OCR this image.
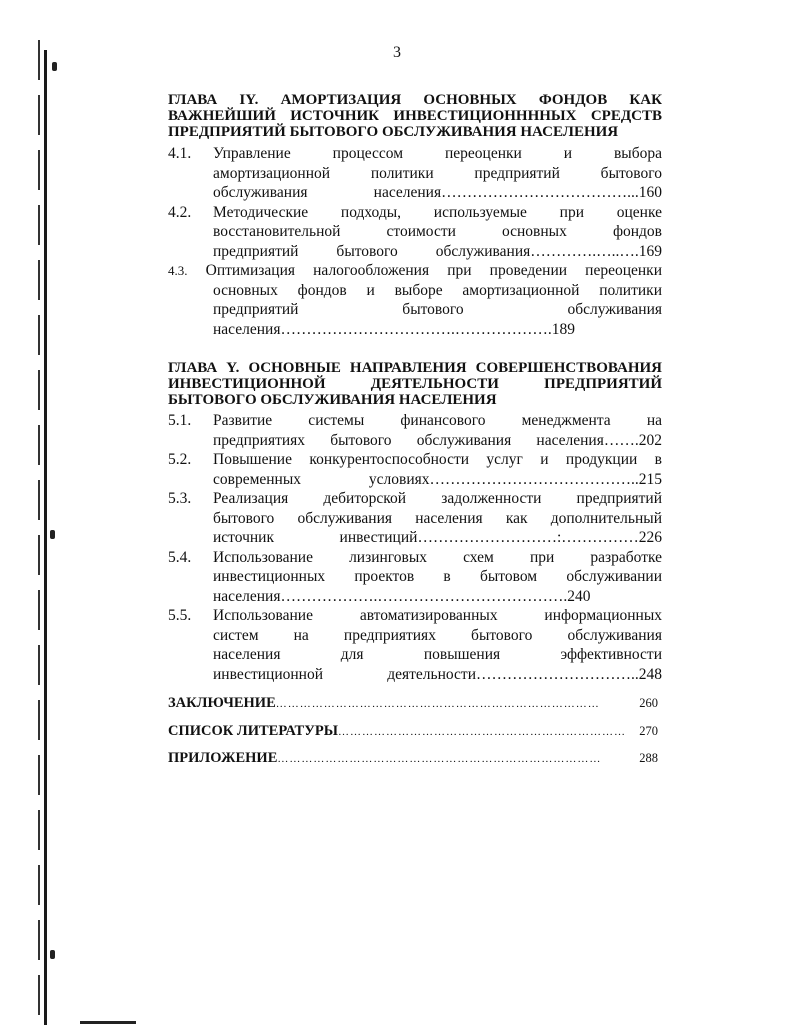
3
ГЛАВА IY. АМОРТИЗАЦИЯ ОСНОВНЫХ ФОНДОВ КАК
ВАЖНЕЙШИЙ ИСТОЧНИК ИНВЕСТИЦИОННННЫХ СРЕДСТВ
ПРЕДПРИЯТИЙ БЫТОВОГО ОБСЛУЖИВАНИЯ НАСЕЛЕНИЯ
4.1. Управление процессом переоценки и выбора
амортизационной политики предприятий бытового
обслуживания населения………………………………...160
4.2. Методические подходы, используемые при оценке
восстановительной стоимости основных фондов
предприятий бытового обслуживания………….…..….169
4.3. Оптимизация налогообложения при проведении переоценки
основных фондов и выборе амортизационной политики
предприятий бытового обслуживания
населения…………………………….……………….189
ГЛАВА Y. ОСНОВНЫЕ НАПРАВЛЕНИЯ СОВЕРШЕНСТВОВАНИЯ
ИНВЕСТИЦИОННОЙ ДЕЯТЕЛЬНОСТИ ПРЕДПРИЯТИЙ
БЫТОВОГО ОБСЛУЖИВАНИЯ НАСЕЛЕНИЯ
5.1. Развитие системы финансового менеджмента на
предприятиях бытового обслуживания населения…….202
5.2. Повышение конкурентоспособности услуг и продукции в
современных условиях…………………………………..215
5.3. Реализация дебиторской задолженности предприятий
бытового обслуживания населения как дополнительный
источник инвестиций………………………:……………226
5.4. Использование лизинговых схем при разработке
инвестиционных проектов в бытовом обслуживании
населения……………….……………………………….240
5.5. Использование автоматизированных информационных
систем на предприятиях бытового обслуживания
населения для повышения эффективности
инвестиционной деятельности…………………………..248
ЗАКЛЮЧЕНИЕ ………………………………………………………………………	260
СПИСОК ЛИТЕРАТУРЫ ………………………………………………………………	270
ПРИЛОЖЕНИЕ ………………………………………………………………………	288
